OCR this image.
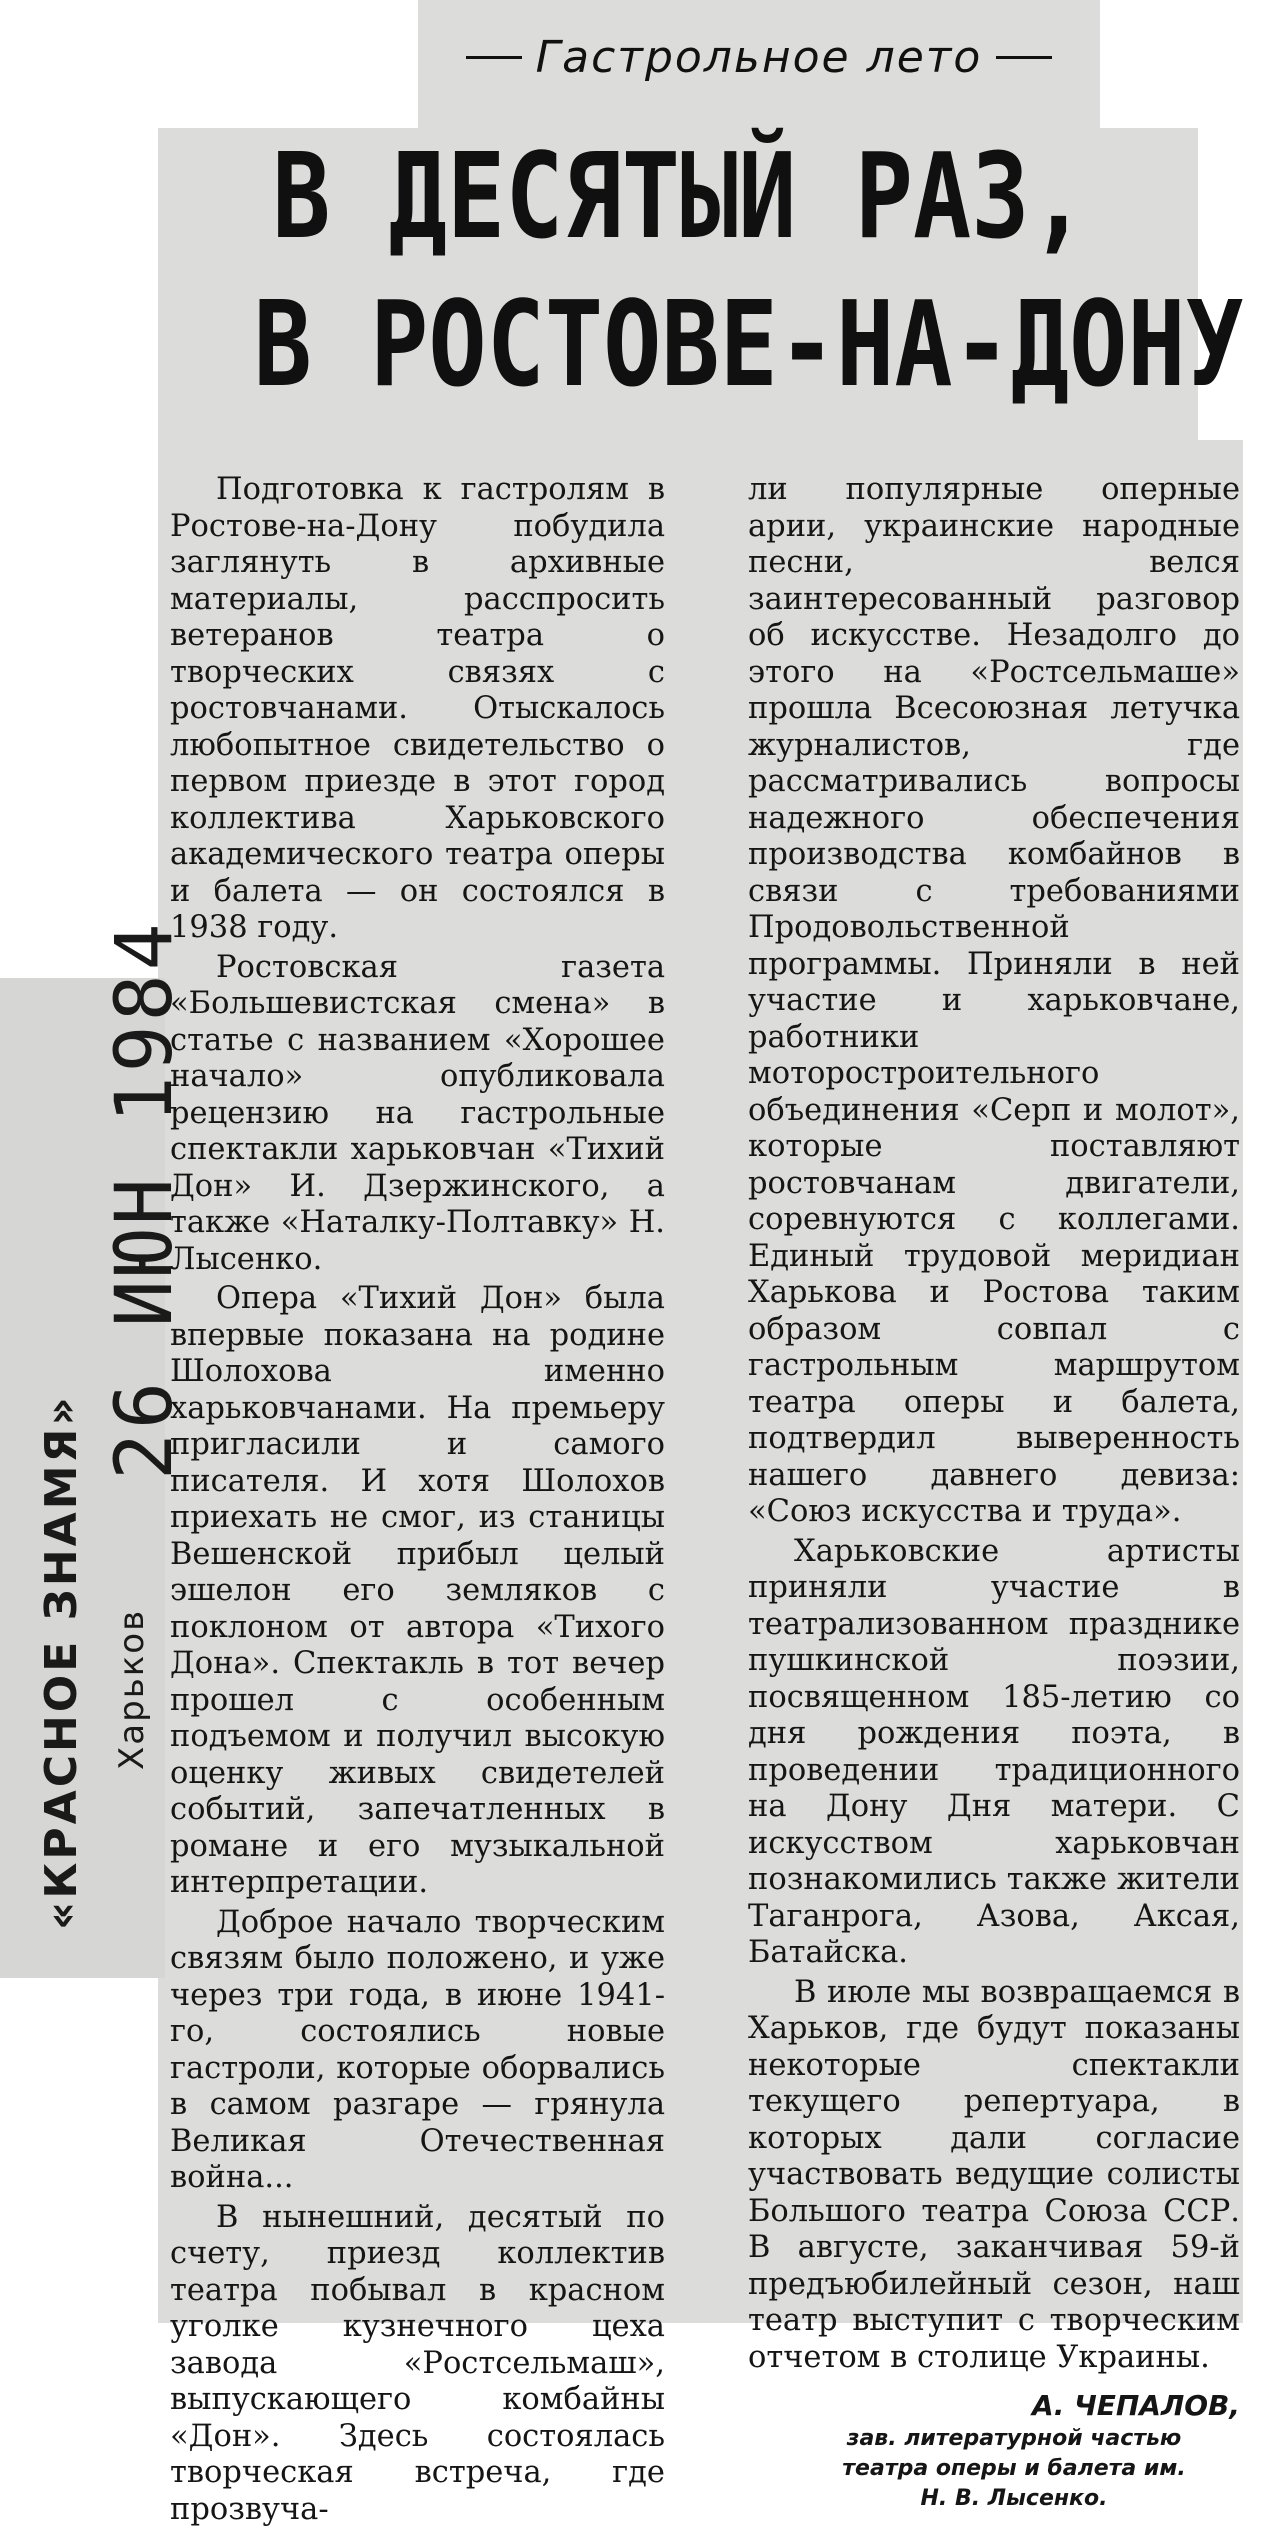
Гастрольное лето
В ДЕСЯТЫЙ РАЗ,
В РОСТОВЕ-НА-ДОНУ

Подготовка к гастролям в Ростове-на-Дону побудила заглянуть в архивные материалы, расспросить ветеранов театра о творческих связях с ростовчанами. Отыскалось любопытное свидетельство о первом приезде в этот город коллектива Харьковского академического театра оперы и балета — он состоялся в 1938 году.

Ростовская газета «Большевистская смена» в статье с названием «Хорошее начало» опубликовала рецензию на гастрольные спектакли харьковчан «Тихий Дон» И. Дзержинского, а также «Наталку-Полтавку» Н. Лысенко.

Опера «Тихий Дон» была впервые показана на родине Шолохова именно харьковчанами. На премьеру пригласили и самого писателя. И хотя Шолохов приехать не смог, из станицы Вешенской прибыл целый эшелон его земляков с поклоном от автора «Тихого Дона». Спектакль в тот вечер прошел с особенным подъемом и получил высокую оценку живых свидетелей событий, запечатленных в романе и его музыкальной интерпретации.

Доброе начало творческим связям было положено, и уже через три года, в июне 1941-го, состоялись новые гастроли, которые оборвались в самом разгаре — грянула Великая Отечественная война...

В нынешний, десятый по счету, приезд коллектив театра побывал в красном уголке кузнечного цеха завода «Ростсельмаш», выпускающего комбайны «Дон». Здесь состоялась творческая встреча, где прозвуча-

ли популярные оперные арии, украинские народные песни, велся заинтересованный разговор об искусстве. Незадолго до этого на «Ростсельмаше» прошла Всесоюзная летучка журналистов, где рассматривались вопросы надежного обеспечения производства комбайнов в связи с требованиями Продовольственной программы. Приняли в ней участие и харьковчане, работники моторостроительного объединения «Серп и молот», которые поставляют ростовчанам двигатели, соревнуются с коллегами. Единый трудовой меридиан Харькова и Ростова таким образом совпал с гастрольным маршрутом театра оперы и балета, подтвердил выверенность нашего давнего девиза: «Союз искусства и труда».

Харьковские артисты приняли участие в театрализованном празднике пушкинской поэзии, посвященном 185-летию со дня рождения поэта, в проведении традиционного на Дону Дня матери. С искусством харьковчан познакомились также жители Таганрога, Азова, Аксая, Батайска.

В июле мы возвращаемся в Харьков, где будут показаны некоторые спектакли текущего репертуара, в которых дали согласие участвовать ведущие солисты Большого театра Союза ССР. В августе, заканчивая 59-й предъюбилейный сезон, наш театр выступит с творческим отчетом в столице Украины.

А. ЧЕПАЛОВ,
зав. литературной частью
театра оперы и балета им.
Н. В. Лысенко.
26 ИЮН 1984
«КРАСНОЕ ЗНАМЯ» Харьков
